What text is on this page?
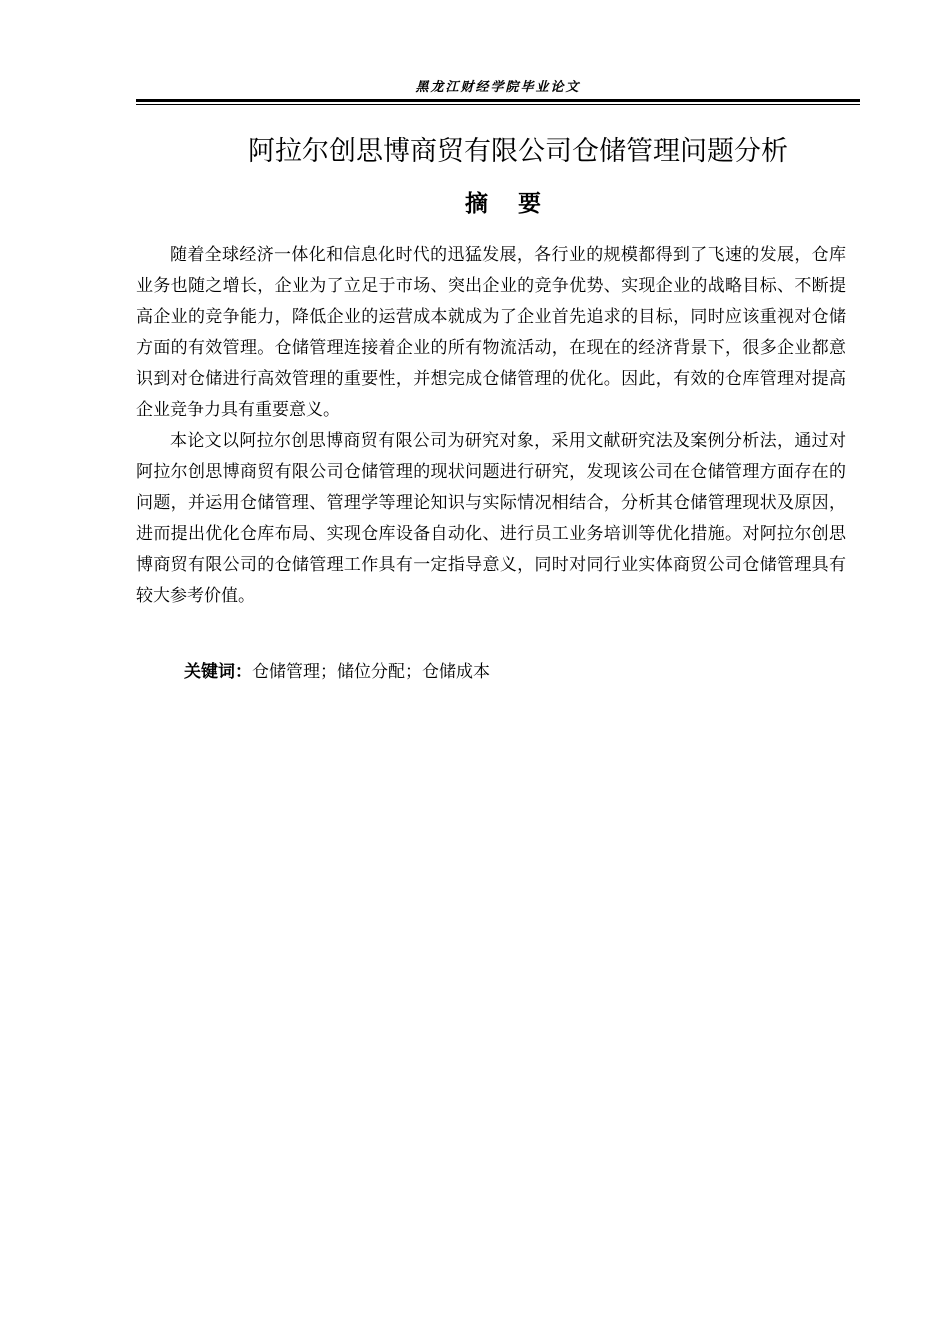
黑龙江财经学院毕业论文
阿拉尔创思博商贸有限公司仓储管理问题分析
摘要

随着全球经济一体化和信息化时代的迅猛发展，各行业的规模都得到了飞速的发展，仓库业务也随之增长，企业为了立足于市场、突出企业的竞争优势、实现企业的战略目标、不断提高企业的竞争能力，降低企业的运营成本就成为了企业首先追求的目标，同时应该重视对仓储方面的有效管理。仓储管理连接着企业的所有物流活动，在现在的经济背景下，很多企业都意识到对仓储进行高效管理的重要性，并想完成仓储管理的优化。因此，有效的仓库管理对提高企业竞争力具有重要意义。

本论文以阿拉尔创思博商贸有限公司为研究对象，采用文献研究法及案例分析法，通过对阿拉尔创思博商贸有限公司仓储管理的现状问题进行研究，发现该公司在仓储管理方面存在的问题，并运用仓储管理、管理学等理论知识与实际情况相结合，分析其仓储管理现状及原因，进而提出优化仓库布局、实现仓库设备自动化、进行员工业务培训等优化措施。对阿拉尔创思博商贸有限公司的仓储管理工作具有一定指导意义，同时对同行业实体商贸公司仓储管理具有较大参考价值。

关键词：仓储管理；储位分配；仓储成本
